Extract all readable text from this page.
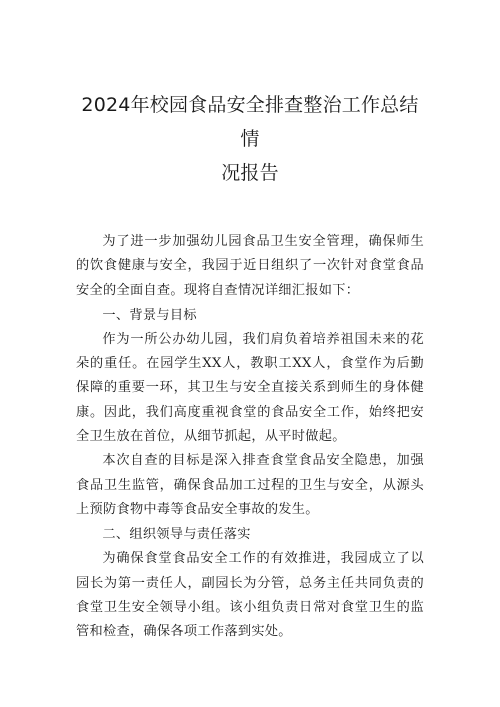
2024年校园食品安全排查整治工作总结情
况报告

为了进一步加强幼儿园食品卫生安全管理，确保师生的饮食健康与安全，我园于近日组织了一次针对食堂食品安全的全面自查。现将自查情况详细汇报如下：

一、背景与目标

作为一所公办幼儿园，我们肩负着培养祖国未来的花朵的重任。在园学生XX人，教职工XX人，食堂作为后勤保障的重要一环，其卫生与安全直接关系到师生的身体健康。因此，我们高度重视食堂的食品安全工作，始终把安全卫生放在首位，从细节抓起，从平时做起。

本次自查的目标是深入排查食堂食品安全隐患，加强食品卫生监管，确保食品加工过程的卫生与安全，从源头上预防食物中毒等食品安全事故的发生。

二、组织领导与责任落实

为确保食堂食品安全工作的有效推进，我园成立了以园长为第一责任人，副园长为分管，总务主任共同负责的食堂卫生安全领导小组。该小组负责日常对食堂卫生的监管和检查，确保各项工作落到实处。
